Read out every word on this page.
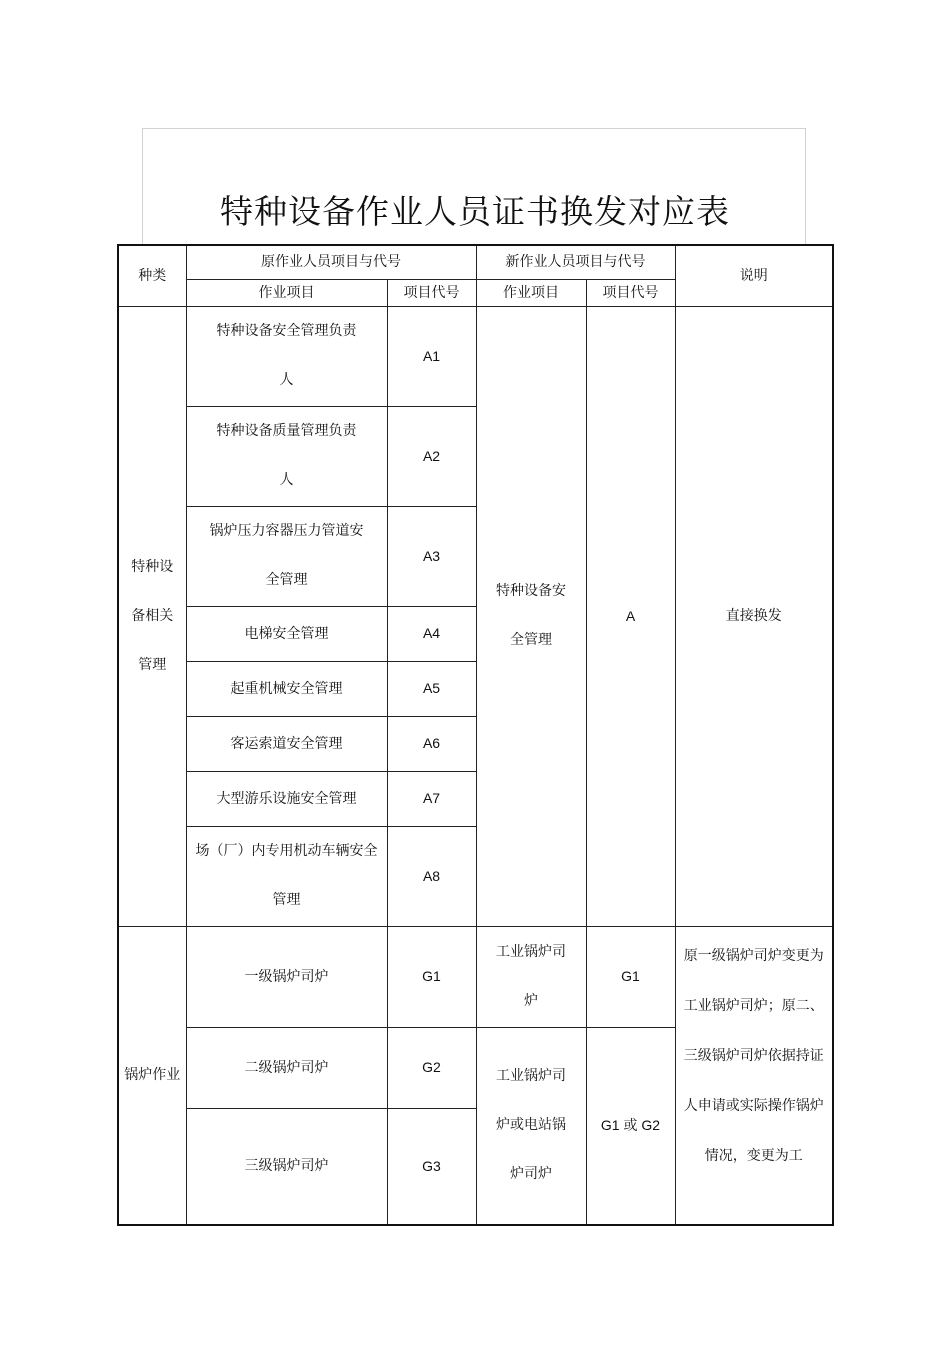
特种设备作业人员证书换发对应表
种类	原作业人员项目与代号		新作业人员项目与代号		说明
	作业项目	项目代号	作业项目	项目代号	
特种设备相关管理	特种设备安全管理负责人	A1	特种设备安全管理	A	直接换发
	特种设备质量管理负责人	A2			
	锅炉压力容器压力管道安全管理	A3			
	电梯安全管理	A4			
	起重机械安全管理	A5			
	客运索道安全管理	A6			
	大型游乐设施安全管理	A7			
	场（厂）内专用机动车辆安全管理	A8			
锅炉作业	一级锅炉司炉	G1	工业锅炉司炉	G1	原一级锅炉司炉变更为工业锅炉司炉；原二、三级锅炉司炉依据持证人申请或实际操作锅炉情况，变更为工
	二级锅炉司炉	G2	工业锅炉司炉或电站锅炉司炉	G1 或 G2	
	三级锅炉司炉	G3			
